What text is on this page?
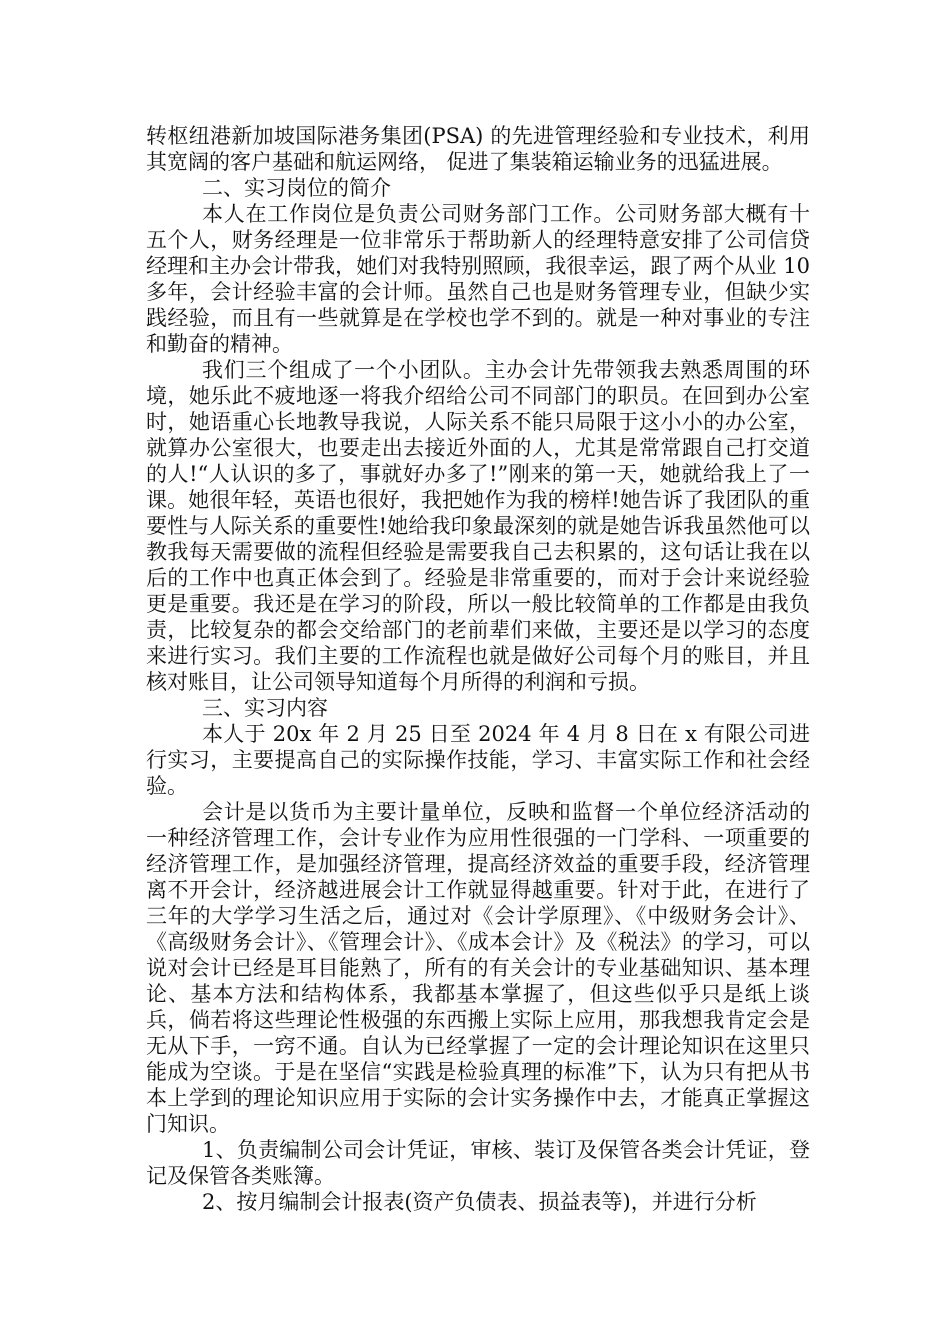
转枢纽港新加坡国际港务集团(PSA) 的先进管理经验和专业技术，利用其宽阔的客户基础和航运网络， 促进了集装箱运输业务的迅猛进展。

二、实习岗位的简介

本人在工作岗位是负责公司财务部门工作。公司财务部大概有十五个人，财务经理是一位非常乐于帮助新人的经理特意安排了公司信贷经理和主办会计带我，她们对我特别照顾，我很幸运，跟了两个从业 10 多年，会计经验丰富的会计师。虽然自己也是财务管理专业，但缺少实践经验，而且有一些就算是在学校也学不到的。就是一种对事业的专注和勤奋的精神。

我们三个组成了一个小团队。主办会计先带领我去熟悉周围的环境，她乐此不疲地逐一将我介绍给公司不同部门的职员。在回到办公室时，她语重心长地教导我说，人际关系不能只局限于这小小的办公室，就算办公室很大，也要走出去接近外面的人，尤其是常常跟自己打交道的人!“人认识的多了，事就好办多了!”刚来的第一天，她就给我上了一课。她很年轻，英语也很好，我把她作为我的榜样!她告诉了我团队的重要性与人际关系的重要性!她给我印象最深刻的就是她告诉我虽然他可以教我每天需要做的流程但经验是需要我自己去积累的，这句话让我在以后的工作中也真正体会到了。经验是非常重要的，而对于会计来说经验更是重要。我还是在学习的阶段，所以一般比较简单的工作都是由我负责，比较复杂的都会交给部门的老前辈们来做，主要还是以学习的态度来进行实习。我们主要的工作流程也就是做好公司每个月的账目，并且核对账目，让公司领导知道每个月所得的利润和亏损。

三、实习内容

本人于 20x 年 2 月 25 日至 2024 年 4 月 8 日在 x 有限公司进行实习，主要提高自己的实际操作技能，学习、丰富实际工作和社会经验。

会计是以货币为主要计量单位，反映和监督一个单位经济活动的一种经济管理工作，会计专业作为应用性很强的一门学科、一项重要的经济管理工作，是加强经济管理，提高经济效益的重要手段，经济管理离不开会计，经济越进展会计工作就显得越重要。针对于此，在进行了三年的大学学习生活之后，通过对《会计学原理》、《中级财务会计》、《高级财务会计》、《管理会计》、《成本会计》及《税法》的学习，可以说对会计已经是耳目能熟了，所有的有关会计的专业基础知识、基本理论、基本方法和结构体系，我都基本掌握了，但这些似乎只是纸上谈兵，倘若将这些理论性极强的东西搬上实际上应用，那我想我肯定会是无从下手，一窍不通。自认为已经掌握了一定的会计理论知识在这里只能成为空谈。于是在坚信“实践是检验真理的标准”下，认为只有把从书本上学到的理论知识应用于实际的会计实务操作中去，才能真正掌握这门知识。

1、负责编制公司会计凭证，审核、装订及保管各类会计凭证，登记及保管各类账簿。

2、按月编制会计报表(资产负债表、损益表等)，并进行分析
